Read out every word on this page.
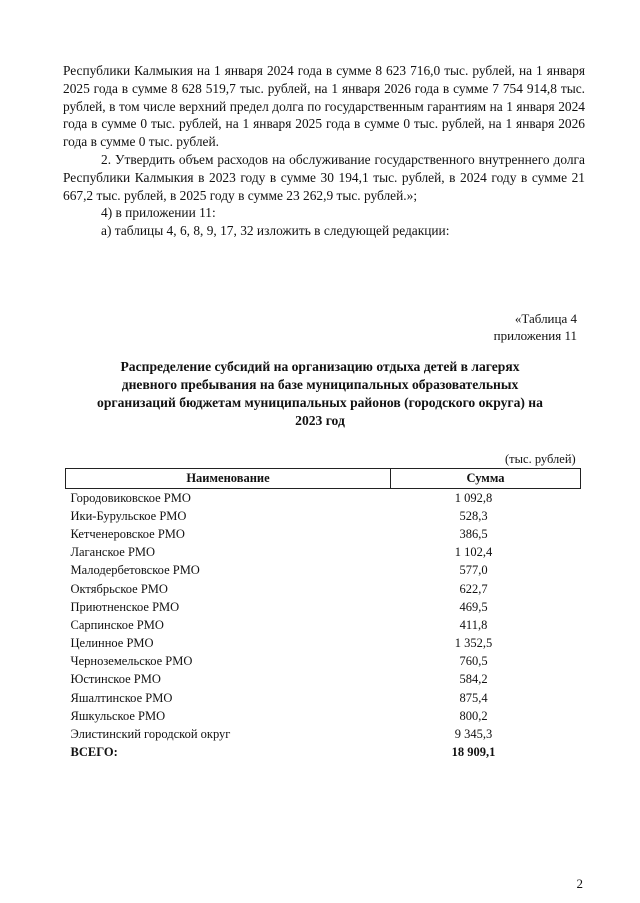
Республики Калмыкия на 1 января 2024 года в сумме 8 623 716,0 тыс. рублей, на 1 января 2025 года в сумме 8 628 519,7 тыс. рублей, на 1 января 2026 года в сумме 7 754 914,8 тыс. рублей, в том числе верхний предел долга по государственным гарантиям на 1 января 2024 года в сумме 0 тыс. рублей, на 1 января 2025 года в сумме 0 тыс. рублей, на 1 января 2026 года в сумме 0 тыс. рублей.

2. Утвердить объем расходов на обслуживание государственного внутреннего долга Республики Калмыкия в 2023 году в сумме 30 194,1 тыс. рублей, в 2024 году в сумме 21 667,2 тыс. рублей, в 2025 году в сумме 23 262,9 тыс. рублей.»;

4) в приложении 11:

а) таблицы 4, 6, 8, 9, 17, 32 изложить в следующей редакции:

«Таблица 4
приложения 11
Распределение субсидий на организацию отдыха детей в лагерях
дневного пребывания на базе муниципальных образовательных
организаций бюджетам муниципальных районов (городского округа) на
2023 год
(тыс. рублей)
Наименование	Сумма
Городовиковское РМО	1 092,8
Ики-Бурульское РМО	528,3
Кетченеровское РМО	386,5
Лаганское РМО	1 102,4
Малодербетовское РМО	577,0
Октябрьское РМО	622,7
Приютненское РМО	469,5
Сарпинское РМО	411,8
Целинное РМО	1 352,5
Черноземельское РМО	760,5
Юстинское РМО	584,2
Яшалтинское РМО	875,4
Яшкульское РМО	800,2
Элистинский городской округ	9 345,3
ВСЕГО:	18 909,1
2
